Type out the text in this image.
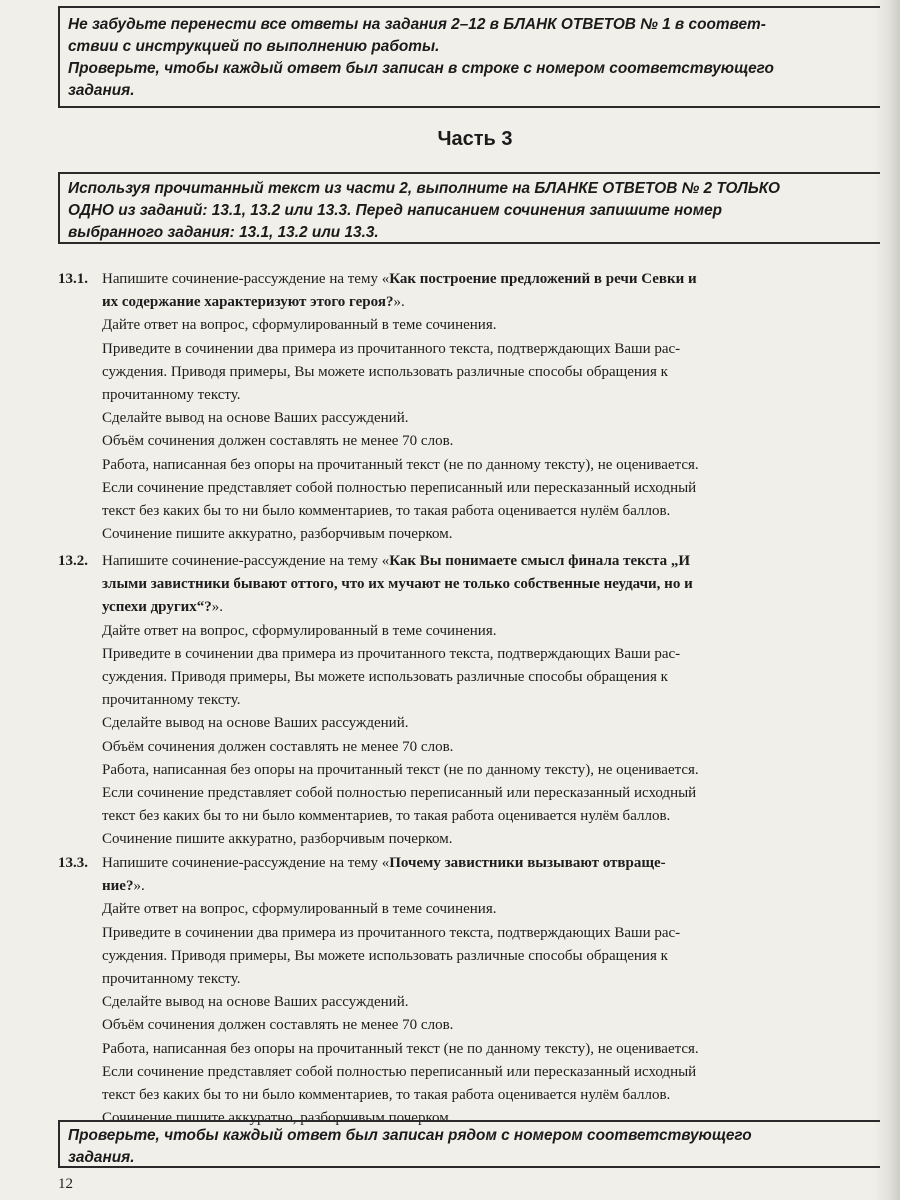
Не забудьте перенести все ответы на задания 2–12 в БЛАНК ОТВЕТОВ № 1 в соответ-

ствии с инструкцией по выполнению работы.

Проверьте, чтобы каждый ответ был записан в строке с номером соответствующего

задания.

Часть 3

Используя прочитанный текст из части 2, выполните на БЛАНКЕ ОТВЕТОВ № 2 ТОЛЬКО

ОДНО из заданий: 13.1, 13.2 или 13.3. Перед написанием сочинения запишите номер

выбранного задания: 13.1, 13.2 или 13.3.

13.1. Напишите сочинение-рассуждение на тему «Как построение предложений в речи Севки и
их содержание характеризуют этого героя?».
Дайте ответ на вопрос, сформулированный в теме сочинения.
Приведите в сочинении два примера из прочитанного текста, подтверждающих Ваши рас-
суждения. Приводя примеры, Вы можете использовать различные способы обращения к
прочитанному тексту.
Сделайте вывод на основе Ваших рассуждений.
Объём сочинения должен составлять не менее 70 слов.
Работа, написанная без опоры на прочитанный текст (не по данному тексту), не оценивается.
Если сочинение представляет собой полностью переписанный или пересказанный исходный
текст без каких бы то ни было комментариев, то такая работа оценивается нулём баллов.
Сочинение пишите аккуратно, разборчивым почерком.
13.2. Напишите сочинение-рассуждение на тему «Как Вы понимаете смысл финала текста „И
злыми завистники бывают оттого, что их мучают не только собственные неудачи, но и
успехи других“?».
Дайте ответ на вопрос, сформулированный в теме сочинения.
Приведите в сочинении два примера из прочитанного текста, подтверждающих Ваши рас-
суждения. Приводя примеры, Вы можете использовать различные способы обращения к
прочитанному тексту.
Сделайте вывод на основе Ваших рассуждений.
Объём сочинения должен составлять не менее 70 слов.
Работа, написанная без опоры на прочитанный текст (не по данному тексту), не оценивается.
Если сочинение представляет собой полностью переписанный или пересказанный исходный
текст без каких бы то ни было комментариев, то такая работа оценивается нулём баллов.
Сочинение пишите аккуратно, разборчивым почерком.
13.3. Напишите сочинение-рассуждение на тему «Почему завистники вызывают отвраще-
ние?».
Дайте ответ на вопрос, сформулированный в теме сочинения.
Приведите в сочинении два примера из прочитанного текста, подтверждающих Ваши рас-
суждения. Приводя примеры, Вы можете использовать различные способы обращения к
прочитанному тексту.
Сделайте вывод на основе Ваших рассуждений.
Объём сочинения должен составлять не менее 70 слов.
Работа, написанная без опоры на прочитанный текст (не по данному тексту), не оценивается.
Если сочинение представляет собой полностью переписанный или пересказанный исходный
текст без каких бы то ни было комментариев, то такая работа оценивается нулём баллов.
Сочинение пишите аккуратно, разборчивым почерком.

Проверьте, чтобы каждый ответ был записан рядом с номером соответствующего

задания.

12
